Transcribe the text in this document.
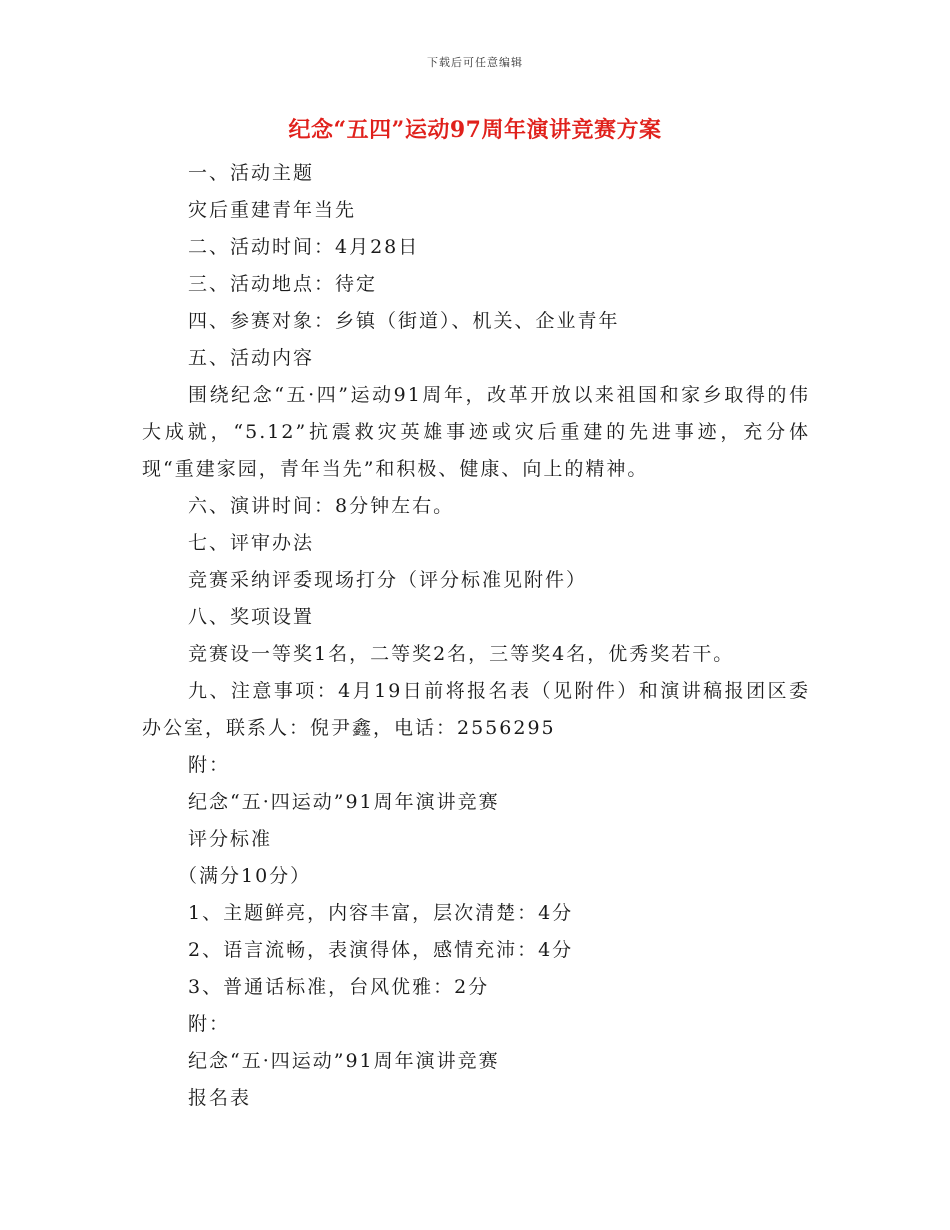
下载后可任意编辑
纪念“五四”运动97周年演讲竞赛方案

一、活动主题

灾后重建青年当先

二、活动时间：4月28日

三、活动地点：待定

四、参赛对象：乡镇（街道）、机关、企业青年

五、活动内容

围绕纪念“五·四”运动91周年，改革开放以来祖国和家乡取得的伟大成就，“5.12”抗震救灾英雄事迹或灾后重建的先进事迹，充分体现“重建家园，青年当先”和积极、健康、向上的精神。

六、演讲时间：8分钟左右。

七、评审办法

竞赛采纳评委现场打分（评分标准见附件）

八、奖项设置

竞赛设一等奖1名，二等奖2名，三等奖4名，优秀奖若干。

九、注意事项：4月19日前将报名表（见附件）和演讲稿报团区委办公室，联系人：倪尹鑫，电话：2556295

附：

纪念“五·四运动”91周年演讲竞赛

评分标准

（满分10分）

1、主题鲜亮，内容丰富，层次清楚：4分

2、语言流畅，表演得体，感情充沛：4分

3、普通话标准，台风优雅：2分

附：

纪念“五·四运动”91周年演讲竞赛

报名表
